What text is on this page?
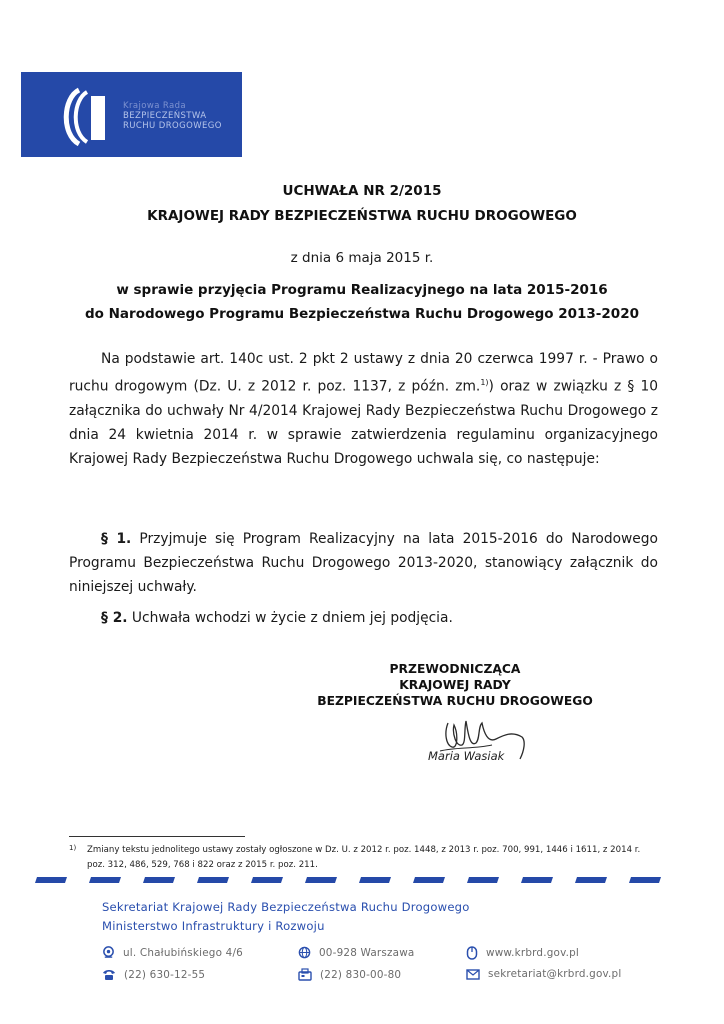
Krajowa Rada
BEZPIECZEŃSTWA
RUCHU DROGOWEGO
UCHWAŁA NR 2/2015
KRAJOWEJ RADY BEZPIECZEŃSTWA RUCHU DROGOWEGO
z dnia 6 maja 2015 r.
w sprawie przyjęcia Programu Realizacyjnego na lata 2015-2016
do Narodowego Programu Bezpieczeństwa Ruchu Drogowego 2013-2020
Na podstawie art. 140c ust. 2 pkt 2 ustawy z dnia 20 czerwca 1997 r. - Prawo o ruchu drogowym (Dz. U. z 2012 r. poz. 1137, z późn. zm.$^{1)}$) oraz w związku z § 10 załącznika do uchwały Nr 4/2014 Krajowej Rady Bezpieczeństwa Ruchu Drogowego z dnia 24 kwietnia 2014 r. w sprawie zatwierdzenia regulaminu organizacyjnego Krajowej Rady Bezpieczeństwa Ruchu Drogowego uchwala się, co następuje:
§ 1. Przyjmuje się Program Realizacyjny na lata 2015-2016 do Narodowego Programu Bezpieczeństwa Ruchu Drogowego 2013-2020, stanowiący załącznik do niniejszej uchwały.
§ 2. Uchwała wchodzi w życie z dniem jej podjęcia.
PRZEWODNICZĄCA
KRAJOWEJ RADY
BEZPIECZEŃSTWA RUCHU DROGOWEGO
Maria Wasiak
1) Zmiany tekstu jednolitego ustawy zostały ogłoszone w Dz. U. z 2012 r. poz. 1448, z 2013 r. poz. 700, 991, 1446 i 1611, z 2014 r. poz. 312, 486, 529, 768 i 822 oraz z 2015 r. poz. 211.
Sekretariat Krajowej Rady Bezpieczeństwa Ruchu Drogowego
Ministerstwo Infrastruktury i Rozwoju
ul. Chałubińskiego 4/6	00-928 Warszawa	www.krbrd.gov.pl
(22) 630-12-55	(22) 830-00-80	sekretariat@krbrd.gov.pl
